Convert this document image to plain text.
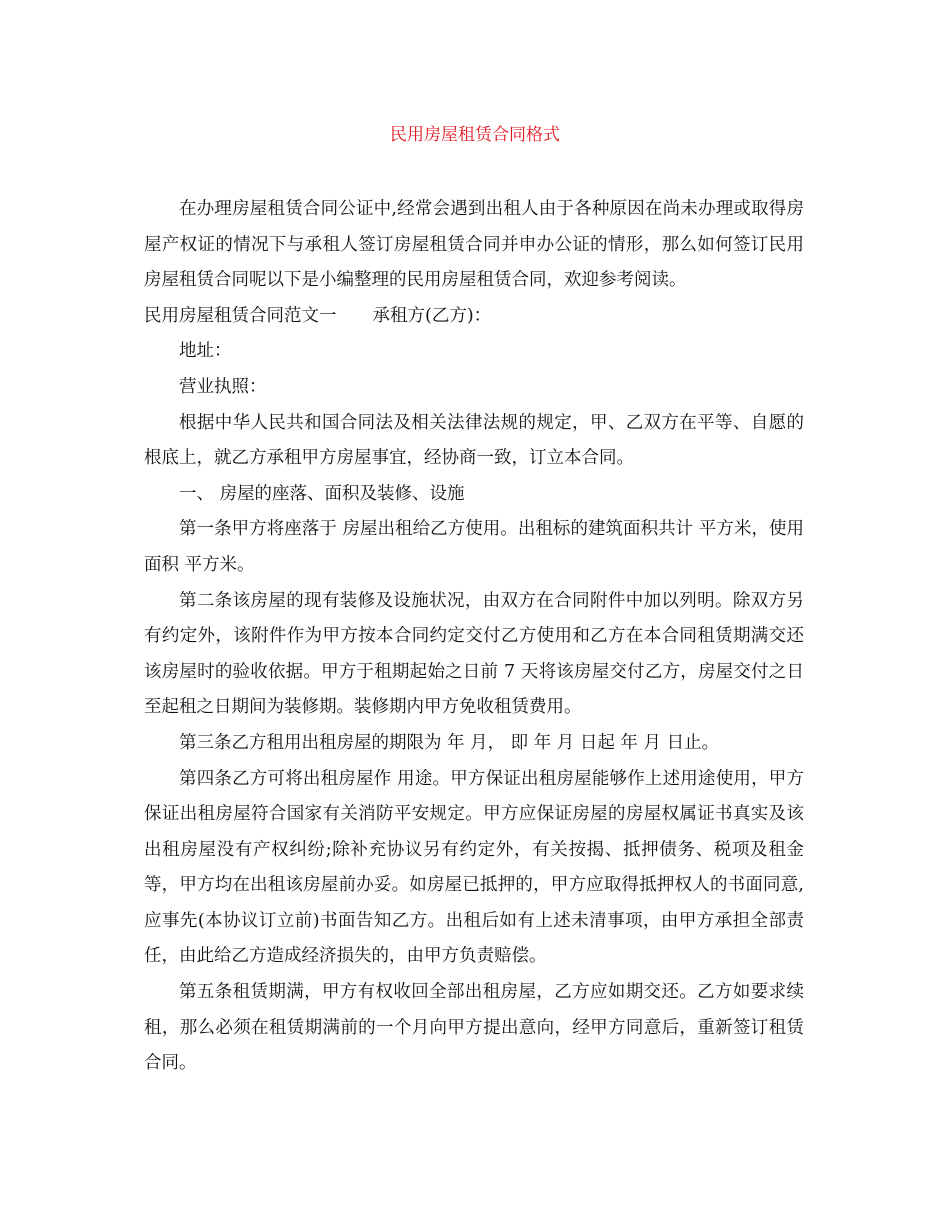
民用房屋租赁合同格式

在办理房屋租赁合同公证中,经常会遇到出租人由于各种原因在尚未办理或取得房屋产权证的情况下与承租人签订房屋租赁合同并申办公证的情形，那么如何签订民用房屋租赁合同呢以下是小编整理的民用房屋租赁合同，欢迎参考阅读。

民用房屋租赁合同范文一 承租方(乙方)：

地址：

营业执照：

根据中华人民共和国合同法及相关法律法规的规定，甲、乙双方在平等、自愿的根底上，就乙方承租甲方房屋事宜，经协商一致，订立本合同。

一、 房屋的座落、面积及装修、设施

第一条甲方将座落于 房屋出租给乙方使用。出租标的建筑面积共计 平方米，使用面积 平方米。

第二条该房屋的现有装修及设施状况，由双方在合同附件中加以列明。除双方另有约定外，该附件作为甲方按本合同约定交付乙方使用和乙方在本合同租赁期满交还该房屋时的验收依据。甲方于租期起始之日前 7 天将该房屋交付乙方，房屋交付之日至起租之日期间为装修期。装修期内甲方免收租赁费用。

第三条乙方租用出租房屋的期限为 年 月， 即 年 月 日起 年 月 日止。

第四条乙方可将出租房屋作 用途。甲方保证出租房屋能够作上述用途使用，甲方保证出租房屋符合国家有关消防平安规定。甲方应保证房屋的房屋权属证书真实及该出租房屋没有产权纠纷;除补充协议另有约定外，有关按揭、抵押债务、税项及租金等，甲方均在出租该房屋前办妥。如房屋已抵押的，甲方应取得抵押权人的书面同意, 应事先(本协议订立前)书面告知乙方。出租后如有上述未清事项，由甲方承担全部责任，由此给乙方造成经济损失的，由甲方负责赔偿。

第五条租赁期满，甲方有权收回全部出租房屋，乙方应如期交还。乙方如要求续租，那么必须在租赁期满前的一个月向甲方提出意向，经甲方同意后，重新签订租赁合同。
